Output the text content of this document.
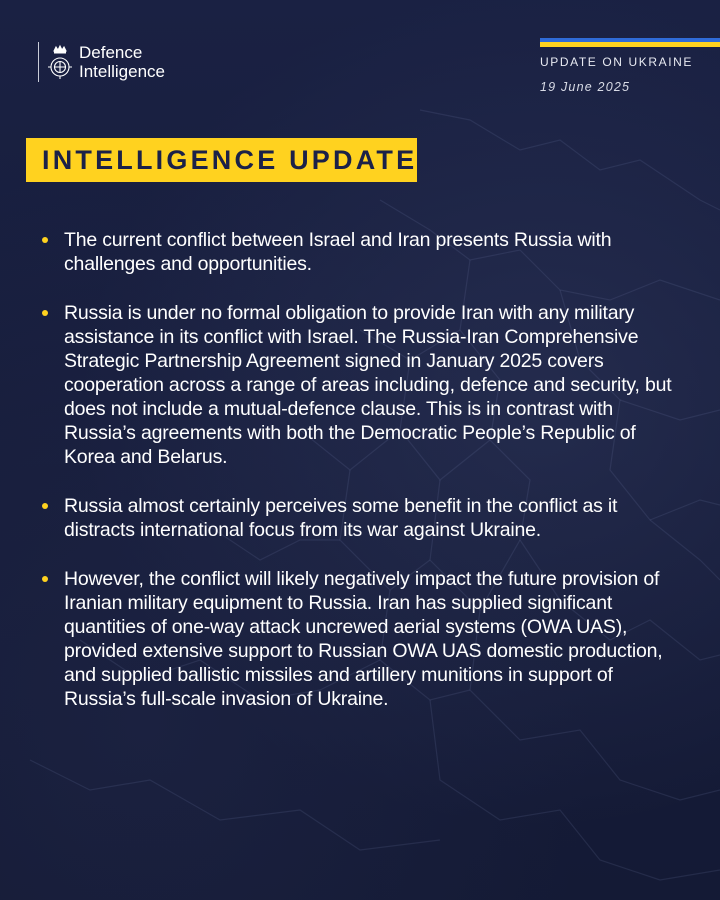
Defence
Intelligence	UPDATE ON UKRAINE
19 June 2025
INTELLIGENCE UPDATE
The current conflict between Israel and Iran presents Russia with challenges and opportunities.
Russia is under no formal obligation to provide Iran with any military assistance in its conflict with Israel. The Russia-Iran Comprehensive Strategic Partnership Agreement signed in January 2025 covers cooperation across a range of areas including, defence and security, but does not include a mutual-defence clause. This is in contrast with Russia’s agreements with both the Democratic People’s Republic of Korea and Belarus.
Russia almost certainly perceives some benefit in the conflict as it distracts international focus from its war against Ukraine.
However, the conflict will likely negatively impact the future provision of Iranian military equipment to Russia. Iran has supplied significant quantities of one-way attack uncrewed aerial systems (OWA UAS), provided extensive support to Russian OWA UAS domestic production, and supplied ballistic missiles and artillery munitions in support of Russia’s full-scale invasion of Ukraine.
